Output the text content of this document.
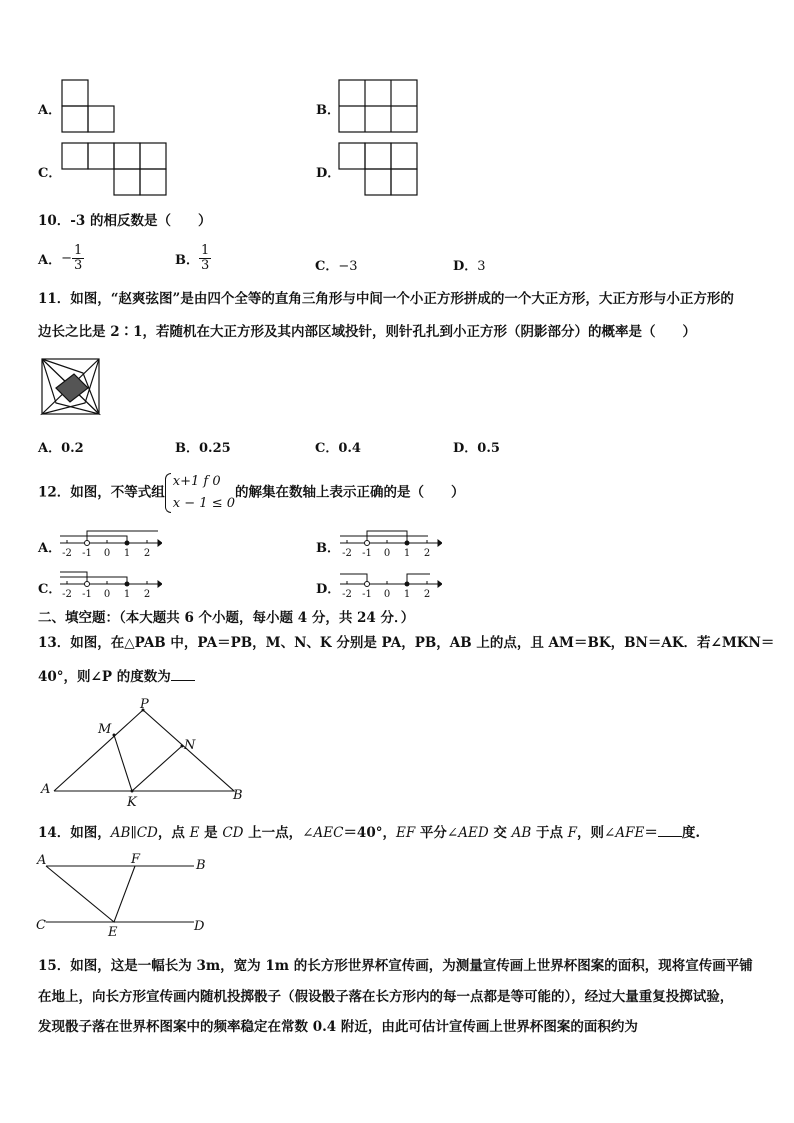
A．	B．
C．	D．
10．-3 的相反数是（　　）
A．− $\frac{1}{3}$	B． $\frac{1}{3}$	C．−3	D．3
11．如图，“赵爽弦图”是由四个全等的直角三角形与中间一个小正方形拼成的一个大正方形，大正方形与小正方形的
边长之比是 2∶1，若随机在大正方形及其内部区域投针，则针孔扎到小正方形（阴影部分）的概率是（　　）
A．0.2	B．0.25	C．0.4	D．0.5
12．如图，不等式组
x+1 f 0
x − 1 ≤ 0
的解集在数轴上表示正确的是（　　）
A．	B．
C．	D．
-2 -1 0 1 2	-2 -1 0 1 2
-2 -1 0 1 2	-2 -1 0 1 2
二、填空题：（本大题共 6 个小题，每小题 4 分，共 24 分．）
13．如图，在△PAB 中，PA＝PB，M、N、K 分别是 PA，PB，AB 上的点，且 AM＝BK，BN＝AK．若∠MKN＝
40°，则∠P 的度数为
P
M
N
A
K	B
14．如图，AB∥CD，点 E 是 CD 上一点，∠AEC＝40°，EF 平分∠AED 交 AB 于点 F，则∠AFE＝ 度.
A	F	B
C	E	D
15．如图，这是一幅长为 3m，宽为 1m 的长方形世界杯宣传画，为测量宣传画上世界杯图案的面积，现将宣传画平铺
在地上，向长方形宣传画内随机投掷骰子（假设骰子落在长方形内的每一点都是等可能的），经过大量重复投掷试验，
发现骰子落在世界杯图案中的频率稳定在常数 0.4 附近，由此可估计宣传画上世界杯图案的面积约为
